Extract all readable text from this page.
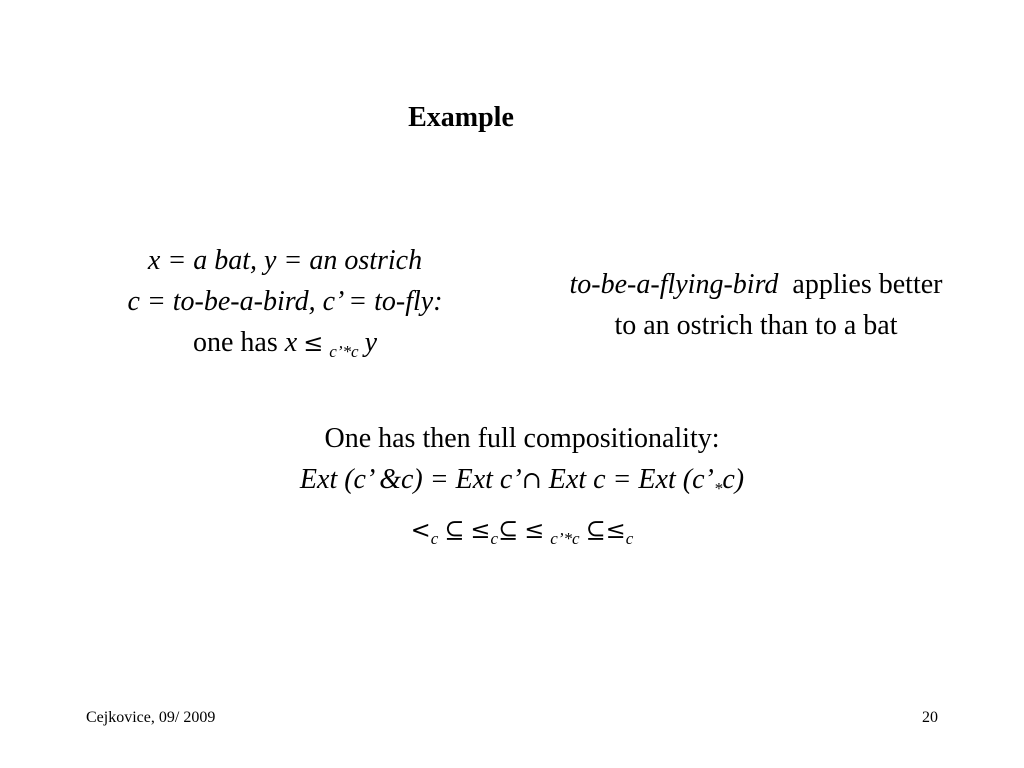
Example
x = a bat, y = an ostrich
c = to-be-a-bird, c’ = to-fly:
one has x ≤ $_{c’*c}$ y
to-be-a-flying-bird applies better
to an ostrich than to a bat
One has then full compositionality:
Ext (c’ &c) = Ext c’∩ Ext c = Ext $(c’_*c)$
$<_c$ ⊆ $\le_c⊆ \le _{c’*c}$ $⊆\le_c$
Cejkovice, 09/ 2009	20
